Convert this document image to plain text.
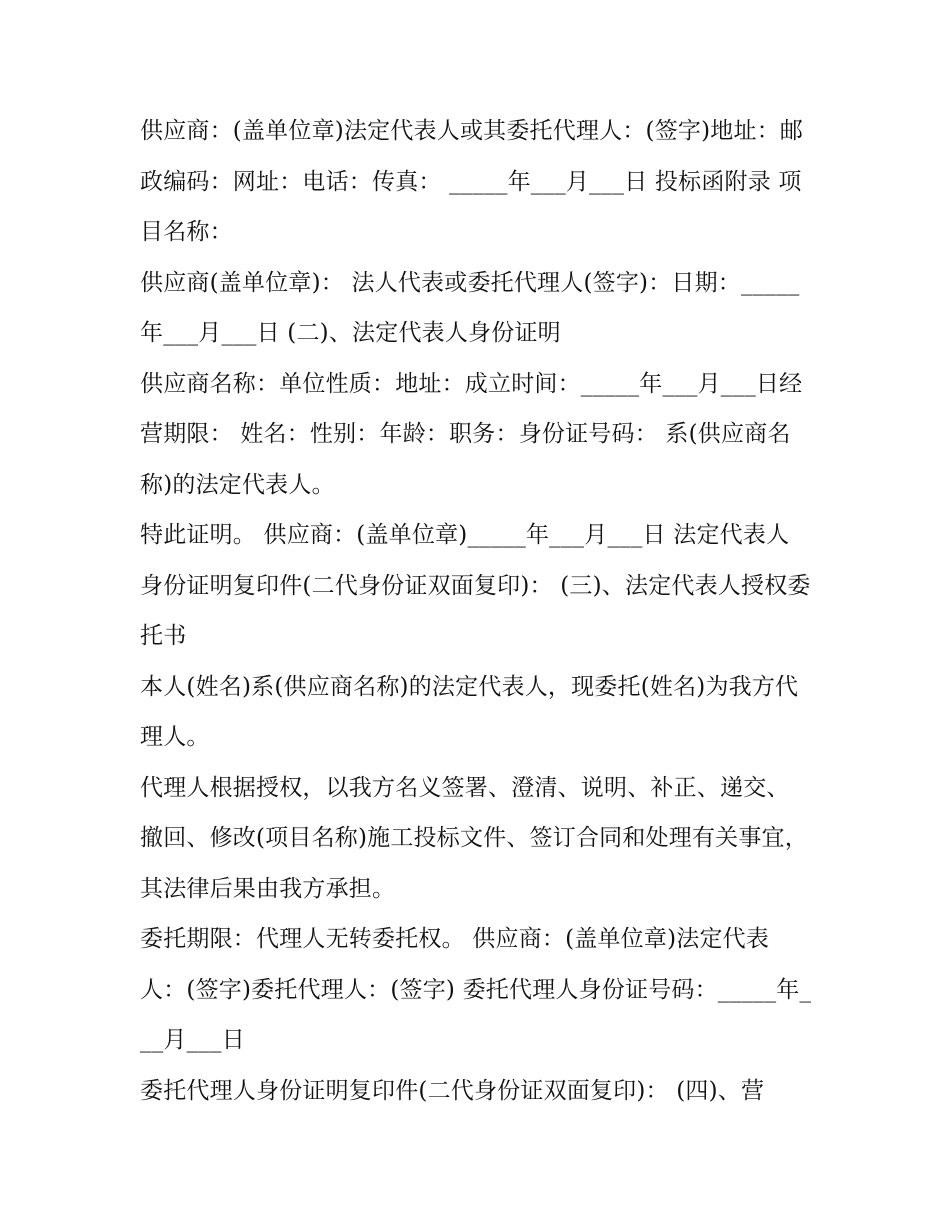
供应商：(盖单位章)法定代表人或其委托代理人：(签字)地址：邮政编码：网址：电话：传真： _____年___月___日 投标函附录 项目名称：

供应商(盖单位章)： 法人代表或委托代理人(签字)：日期：_____年___月___日 (二)、法定代表人身份证明

供应商名称：单位性质：地址：成立时间：_____年___月___日经营期限： 姓名：性别：年龄：职务：身份证号码： 系(供应商名称)的法定代表人。

特此证明。 供应商：(盖单位章)_____年___月___日 法定代表人身份证明复印件(二代身份证双面复印)： (三)、法定代表人授权委托书

本人(姓名)系(供应商名称)的法定代表人，现委托(姓名)为我方代理人。

代理人根据授权，以我方名义签署、澄清、说明、补正、递交、撤回、修改(项目名称)施工投标文件、签订合同和处理有关事宜，其法律后果由我方承担。

委托期限：代理人无转委托权。 供应商：(盖单位章)法定代表人：(签字)委托代理人：(签字) 委托代理人身份证号码：_____年___月___日

委托代理人身份证明复印件(二代身份证双面复印)： (四)、营
